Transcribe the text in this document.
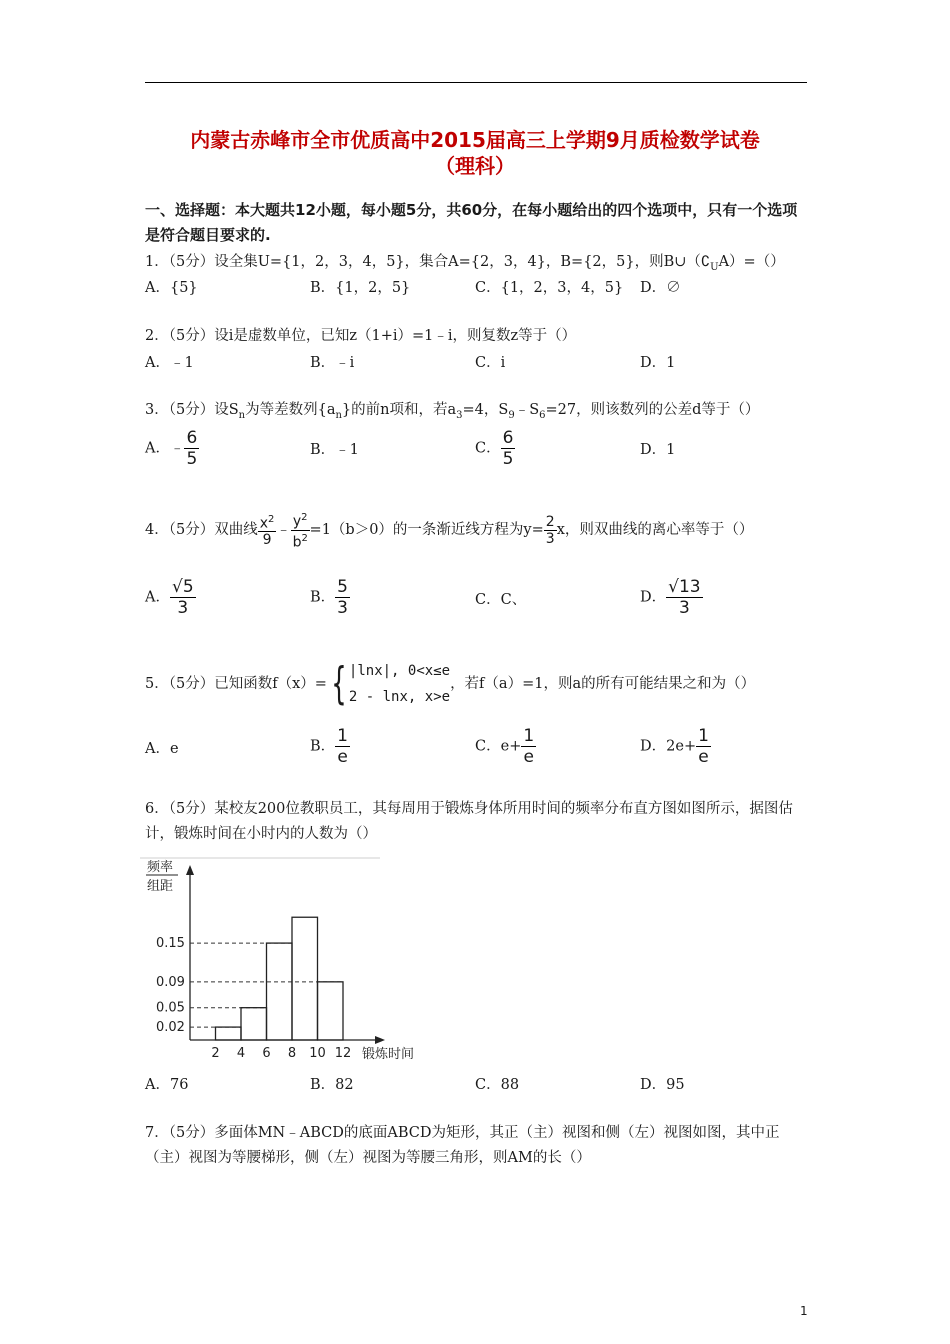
内蒙古赤峰市全市优质高中2015届高三上学期9月质检数学试卷
（理科）
一、选择题：本大题共12小题，每小题5分，共60分，在每小题给出的四个选项中，只有一个选项是符合题目要求的.
1．（5分）设全集U={1，2，3，4，5}，集合A={2，3，4}，B={2，5}，则$B\cup(∁_UA)=()$
A．{5}	B．{1，2，5}	C．{1，2，3，4，5} D．∅
2．（5分）设i是虚数单位，已知z（1+i）=1﹣i，则复数z等于（）
A．﹣1	B．﹣i	C．i	D．1
3．（5分）设$S_n$为等差数列$\{a_n\}$的前n项和，若$a_3=4$，$S_9﹣S_6=27$，则该数列的公差d等于（）
A．﹣ $\frac{6}{5}$	B．﹣1	C． $\frac{6}{5}$	D．1
4．（5分）双曲线 $\frac{x^2}{9}$ ﹣ $\frac{y^2}{b^2} =1(b>0)$的一条渐近线方程为$y= \frac{2}{3}$ x，则双曲线的离心率等于（）
A． $\frac{√5}{3}$	B． $\frac{5}{3}$	C．C、	D． $\frac{√13}{3}$
5．（5分）已知函数f（x）={ |lnx|, 0<x≤e
2 - lnx, x>e
，若f（a）=1，则a的所有可能结果之和为（）
A．e	B． $\frac{1}{e}$	C．$e+ \frac{1}{e}$	D．$2e+ \frac{1}{e}$
6．（5分）某校友200位教职员工，其每周用于锻炼身体所用时间的频率分布直方图如图所示，据图估计，锻炼时间在小时内的人数为（）
频率
组距
锻炼时间
0.02
0.05
0.09
0.15
2 4 6 8 10 12
A．76	B．82	C．88	D．95
7．（5分）多面体MN﹣ABCD的底面ABCD为矩形，其正（主）视图和侧（左）视图如图，其中正（主）视图为等腰梯形，侧（左）视图为等腰三角形，则AM的长（）
1
